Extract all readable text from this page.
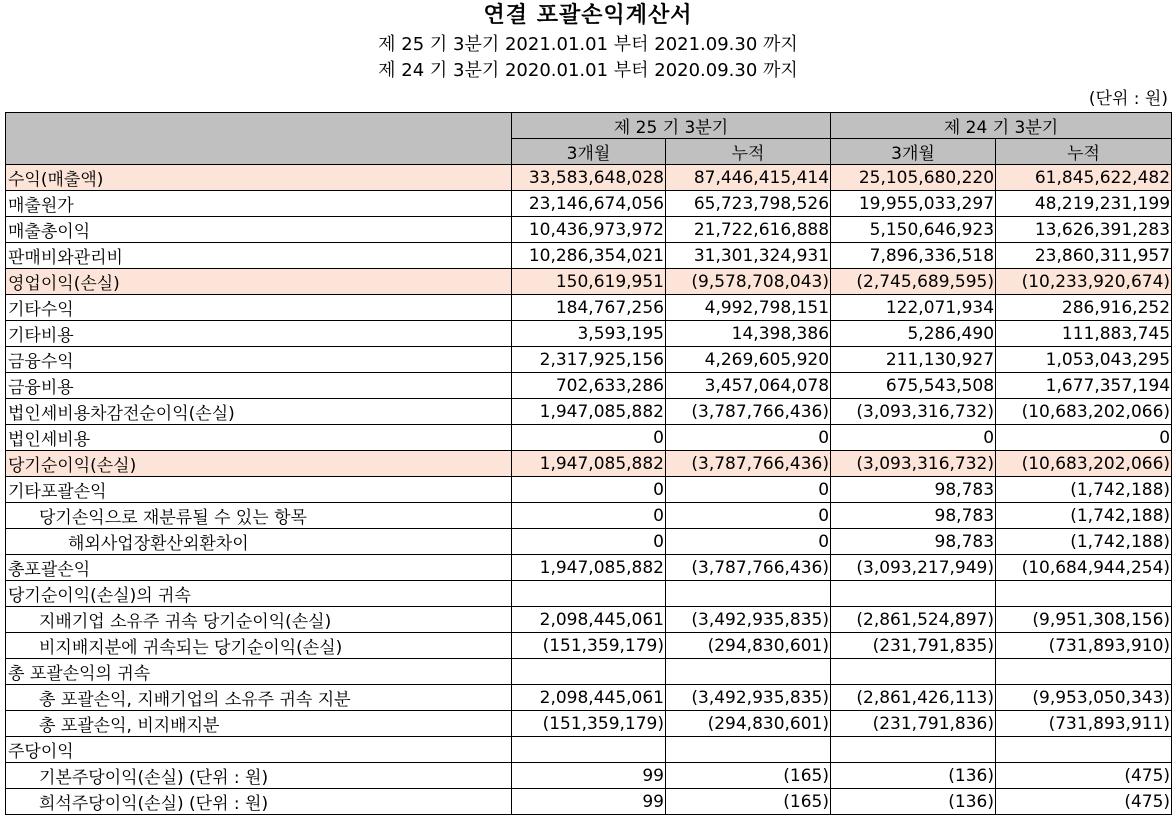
연결 포괄손익계산서
제 25 기 3분기 2021.01.01 부터 2021.09.30 까지
제 24 기 3분기 2020.01.01 부터 2020.09.30 까지
(단위 : 원)
	제 25 기 3분기		제 24 기 3분기	
	3개월	누적	3개월	누적
수익(매출액)	33,583,648,028	87,446,415,414	25,105,680,220	61,845,622,482
매출원가	23,146,674,056	65,723,798,526	19,955,033,297	48,219,231,199
매출총이익	10,436,973,972	21,722,616,888	5,150,646,923	13,626,391,283
판매비와관리비	10,286,354,021	31,301,324,931	7,896,336,518	23,860,311,957
영업이익(손실)	150,619,951	(9,578,708,043)	(2,745,689,595)	(10,233,920,674)
기타수익	184,767,256	4,992,798,151	122,071,934	286,916,252
기타비용	3,593,195	14,398,386	5,286,490	111,883,745
금융수익	2,317,925,156	4,269,605,920	211,130,927	1,053,043,295
금융비용	702,633,286	3,457,064,078	675,543,508	1,677,357,194
법인세비용차감전순이익(손실)	1,947,085,882	(3,787,766,436)	(3,093,316,732)	(10,683,202,066)
법인세비용	0	0	0	0
당기순이익(손실)	1,947,085,882	(3,787,766,436)	(3,093,316,732)	(10,683,202,066)
기타포괄손익	0	0	98,783	(1,742,188)
당기손익으로 재분류될 수 있는 항목	0	0	98,783	(1,742,188)
해외사업장환산외환차이	0	0	98,783	(1,742,188)
총포괄손익	1,947,085,882	(3,787,766,436)	(3,093,217,949)	(10,684,944,254)
당기순이익(손실)의 귀속				
지배기업 소유주 귀속 당기순이익(손실)	2,098,445,061	(3,492,935,835)	(2,861,524,897)	(9,951,308,156)
비지배지분에 귀속되는 당기순이익(손실)	(151,359,179)	(294,830,601)	(231,791,835)	(731,893,910)
총 포괄손익의 귀속				
총 포괄손익, 지배기업의 소유주 귀속 지분	2,098,445,061	(3,492,935,835)	(2,861,426,113)	(9,953,050,343)
총 포괄손익, 비지배지분	(151,359,179)	(294,830,601)	(231,791,836)	(731,893,911)
주당이익				
기본주당이익(손실) (단위 : 원)	99	(165)	(136)	(475)
희석주당이익(손실) (단위 : 원)	99	(165)	(136)	(475)
